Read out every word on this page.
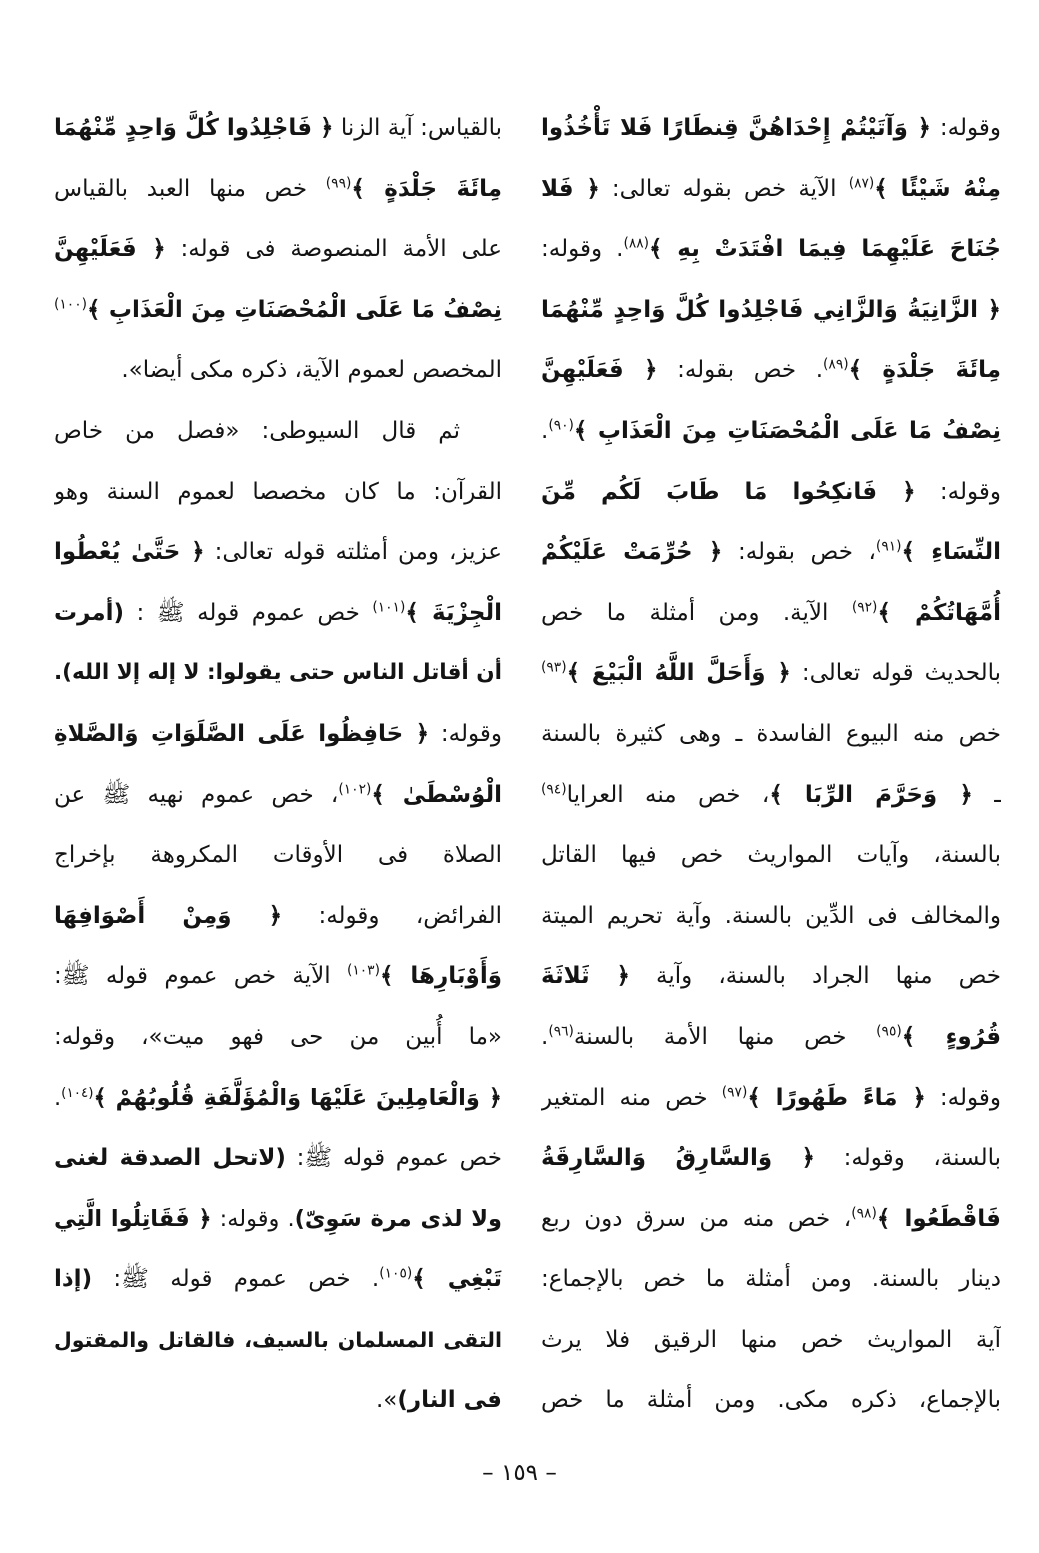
وقوله: ﴿ وَآتَيْتُمْ إِحْدَاهُنَّ قِنطَارًا فَلا تَأْخُذُوا
مِنْهُ شَيْئًا ﴾$^{(٨٧)}$ الآية خص بقوله تعالى: ﴿ فَلا
جُنَاحَ عَلَيْهِمَا فِيمَا افْتَدَتْ بِهِ ﴾$^{(٨٨)}$. وقوله:
﴿ الزَّانِيَةُ وَالزَّانِي فَاجْلِدُوا كُلَّ وَاحِدٍ مِّنْهُمَا
مِائَةَ جَلْدَةٍ ﴾$^{(٨٩)}$. خص بقوله: ﴿ فَعَلَيْهِنَّ
نِصْفُ مَا عَلَى الْمُحْصَنَاتِ مِنَ الْعَذَابِ ﴾$^{(٩٠)}$.
وقوله: ﴿ فَانكِحُوا مَا طَابَ لَكُم مِّنَ
النِّسَاءِ ﴾$^{(٩١)}$، خص بقوله: ﴿ حُرِّمَتْ عَلَيْكُمْ
أُمَّهَاتُكُمْ ﴾$^{(٩٢)}$ الآية. ومن أمثلة ما خص
بالحديث قوله تعالى: ﴿ وَأَحَلَّ اللَّهُ الْبَيْعَ ﴾$^{(٩٣)}$
خص منه البيوع الفاسدة ـ وهى كثيرة بالسنة
ـ ﴿ وَحَرَّمَ الرِّبَا ﴾، خص منه العرايا$^{(٩٤)}$
بالسنة، وآيات المواريث خص فيها القاتل
والمخالف فى الدِّين بالسنة. وآية تحريم الميتة
خص منها الجراد بالسنة، وآية ﴿ ثَلاثَةَ
قُرُوءٍ ﴾$^{(٩٥)}$ خص منها الأمة بالسنة$^{(٩٦)}$.
وقوله: ﴿ مَاءً طَهُورًا ﴾$^{(٩٧)}$ خص منه المتغير
بالسنة، وقوله: ﴿ وَالسَّارِقُ وَالسَّارِقَةُ
فَاقْطَعُوا ﴾$^{(٩٨)}$، خص منه من سرق دون ربع
دينار بالسنة. ومن أمثلة ما خص بالإجماع:
آية المواريث خص منها الرقيق فلا يرث
بالإجماع، ذكره مكى. ومن أمثلة ما خص
بالقياس: آية الزنا ﴿ فَاجْلِدُوا كُلَّ وَاحِدٍ مِّنْهُمَا
مِائَةَ جَلْدَةٍ ﴾$^{(٩٩)}$ خص منها العبد بالقياس
على الأمة المنصوصة فى قوله: ﴿ فَعَلَيْهِنَّ
نِصْفُ مَا عَلَى الْمُحْصَنَاتِ مِنَ الْعَذَابِ ﴾$^{(١٠٠)}$
المخصص لعموم الآية، ذكره مكى أيضا».
ثم قال السيوطى: «فصل من خاص
القرآن: ما كان مخصصا لعموم السنة وهو
عزيز، ومن أمثلته قوله تعالى: ﴿ حَتَّىٰ يُعْطُوا
الْجِزْيَةَ ﴾$^{(١٠١)}$ خص عموم قوله ﷺ : (أمرت
أن أقاتل الناس حتى يقولوا: لا إله إلا الله).
وقوله: ﴿ حَافِظُوا عَلَى الصَّلَوَاتِ وَالصَّلاةِ
الْوُسْطَىٰ ﴾$^{(١٠٢)}$، خص عموم نهيه ﷺ عن
الصلاة فى الأوقات المكروهة بإخراج
الفرائض، وقوله: ﴿ وَمِنْ أَصْوَافِهَا
وَأَوْبَارِهَا ﴾$^{(١٠٣)}$ الآية خص عموم قوله ﷺ:
«ما أُبين من حى فهو ميت»، وقوله:
﴿ وَالْعَامِلِينَ عَلَيْهَا وَالْمُؤَلَّفَةِ قُلُوبُهُمْ ﴾$^{(١٠٤)}$.
خص عموم قوله ﷺ: (لاتحل الصدقة لغنى
ولا لذى مرة سَوِىّ). وقوله: ﴿ فَقَاتِلُوا الَّتِي
تَبْغِي ﴾$^{(١٠٥)}$. خص عموم قوله ﷺ: (إذا
التقى المسلمان بالسيف، فالقاتل والمقتول
فى النار)».
– ١٥٩ –
